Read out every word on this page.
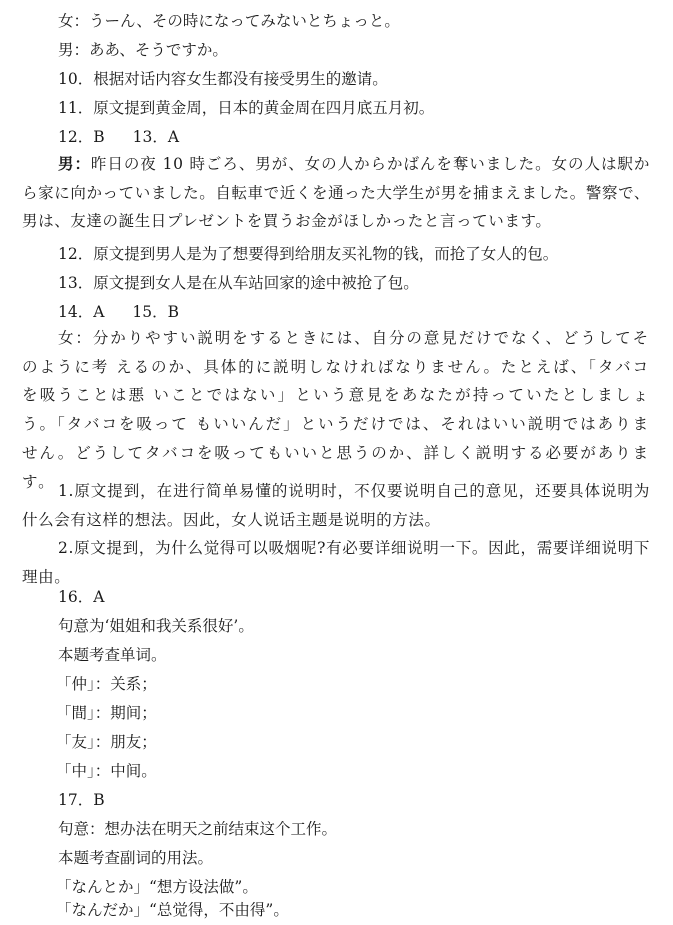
女：うーん、その時になってみないとちょっと。
男：ああ、そうですか。
10．根据对话内容女生都没有接受男生的邀请。
11．原文提到黄金周，日本的黄金周在四月底五月初。
12．B 13．A
男：昨日の夜 10 時ごろ、男が、女の人からかばんを奪いました。女の人は駅から家に向かっていました。自転車で近くを通った大学生が男を捕まえました。警察で、男は、友達の誕生日プレゼントを買うお金がほしかったと言っています。
12．原文提到男人是为了想要得到给朋友买礼物的钱，而抢了女人的包。
13．原文提到女人是在从车站回家的途中被抢了包。
14．A 15．B
女：分かりやすい説明をするときには、自分の意見だけでなく、どうしてそのように考 えるのか、具体的に説明しなければなりません。たとえば、「タバコを吸うことは悪 いことではない」という意見をあなたが持っていたとしましょう。「タバコを吸って もいいんだ」というだけでは、それはいい説明ではありません。どうしてタバコを吸ってもいいと思うのか、詳しく説明する必要があります。
1.原文提到，在进行简单易懂的说明时，不仅要说明自己的意见，还要具体说明为什么会有这样的想法。因此，女人说话主题是说明的方法。
2.原文提到，为什么觉得可以吸烟呢?有必要详细说明一下。因此，需要详细说明下理由。
16．A
句意为‘姐姐和我关系很好’。
本题考查单词。
「仲」：关系；
「間」：期间；
「友」：朋友；
「中」：中间。
17．B
句意：想办法在明天之前结束这个工作。
本题考查副词的用法。
「なんとか」“想方设法做”。
「なんだか」“总觉得，不由得”。
